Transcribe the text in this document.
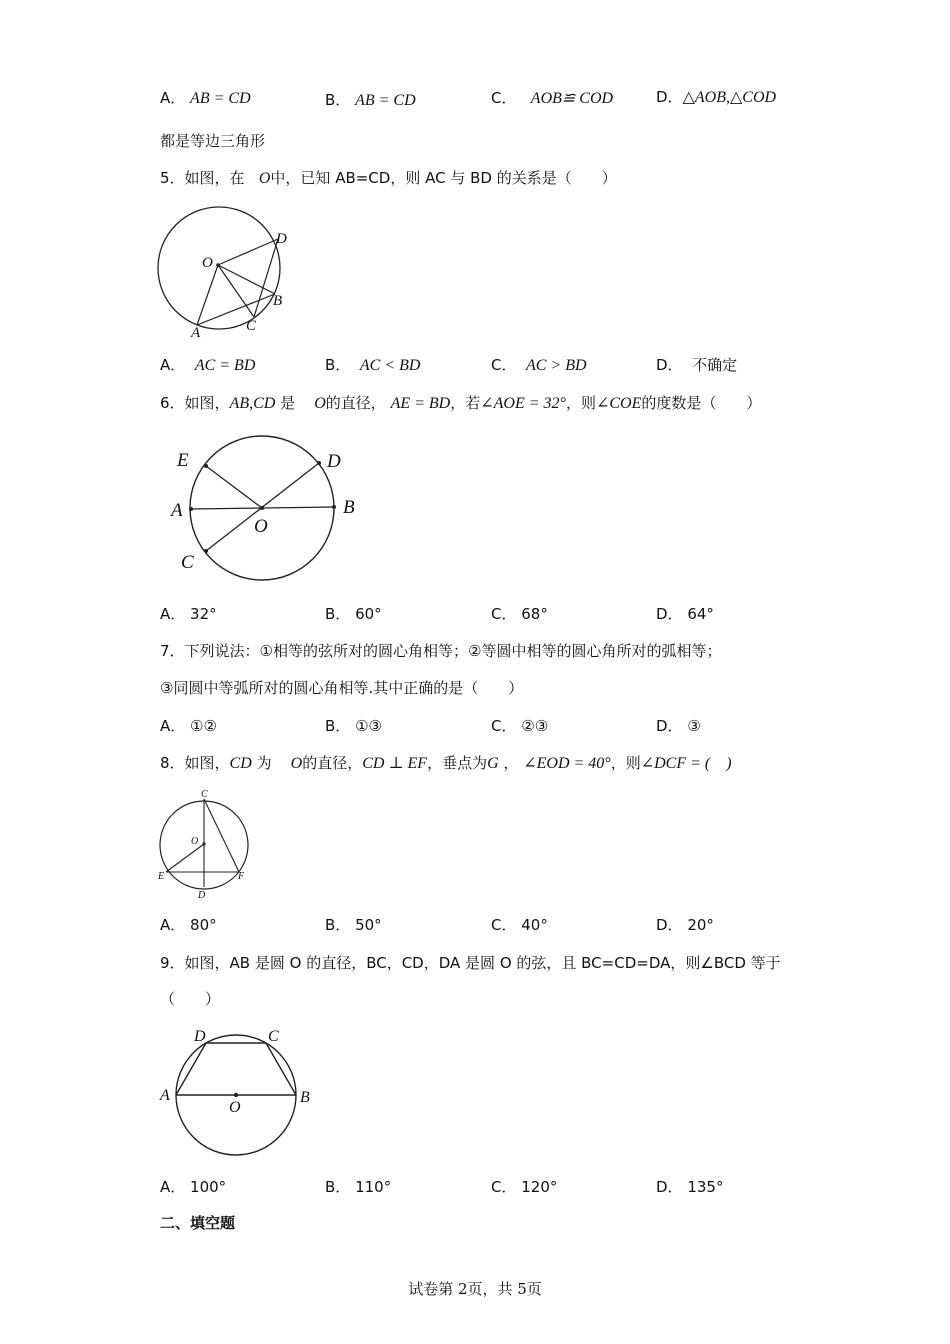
A． AB = CD	B． AB = CD	C． AOB≌ COD	D．△AOB,△COD
都是等边三角形
5．如图，在 O中，已知 AB=CD，则 AC 与 BD 的关系是（　　）
O
D
B
C
A
A． AC = BD	B． AC < BD	C． AC > BD	D． 不确定
6．如图，AB,CD 是 O的直径， AE = BD，若∠AOE = 32°，则∠COE的度数是（　　）
E	D
A	B
O
C
A． 32°	B． 60°	C． 68°	D． 64°
7．下列说法：①相等的弦所对的圆心角相等；②等圆中相等的圆心角所对的弧相等；
③同圆中等弧所对的圆心角相等.其中正确的是（　　）
A． ①②	B． ①③	C． ②③	D． ③
8．如图，CD 为 O的直径，CD ⊥ EF，垂点为G ， ∠EOD = 40°，则∠DCF = (　)
C
O
E	F
D
A． 80°	B． 50°	C． 40°	D． 20°
9．如图，AB 是圆 O 的直径，BC，CD，DA 是圆 O 的弦，且 BC=CD=DA，则∠BCD 等于
（　　）
D	C
A
O
B
A． 100°	B． 110°	C． 120°	D． 135°
二、填空题
试卷第 2页，共 5页
